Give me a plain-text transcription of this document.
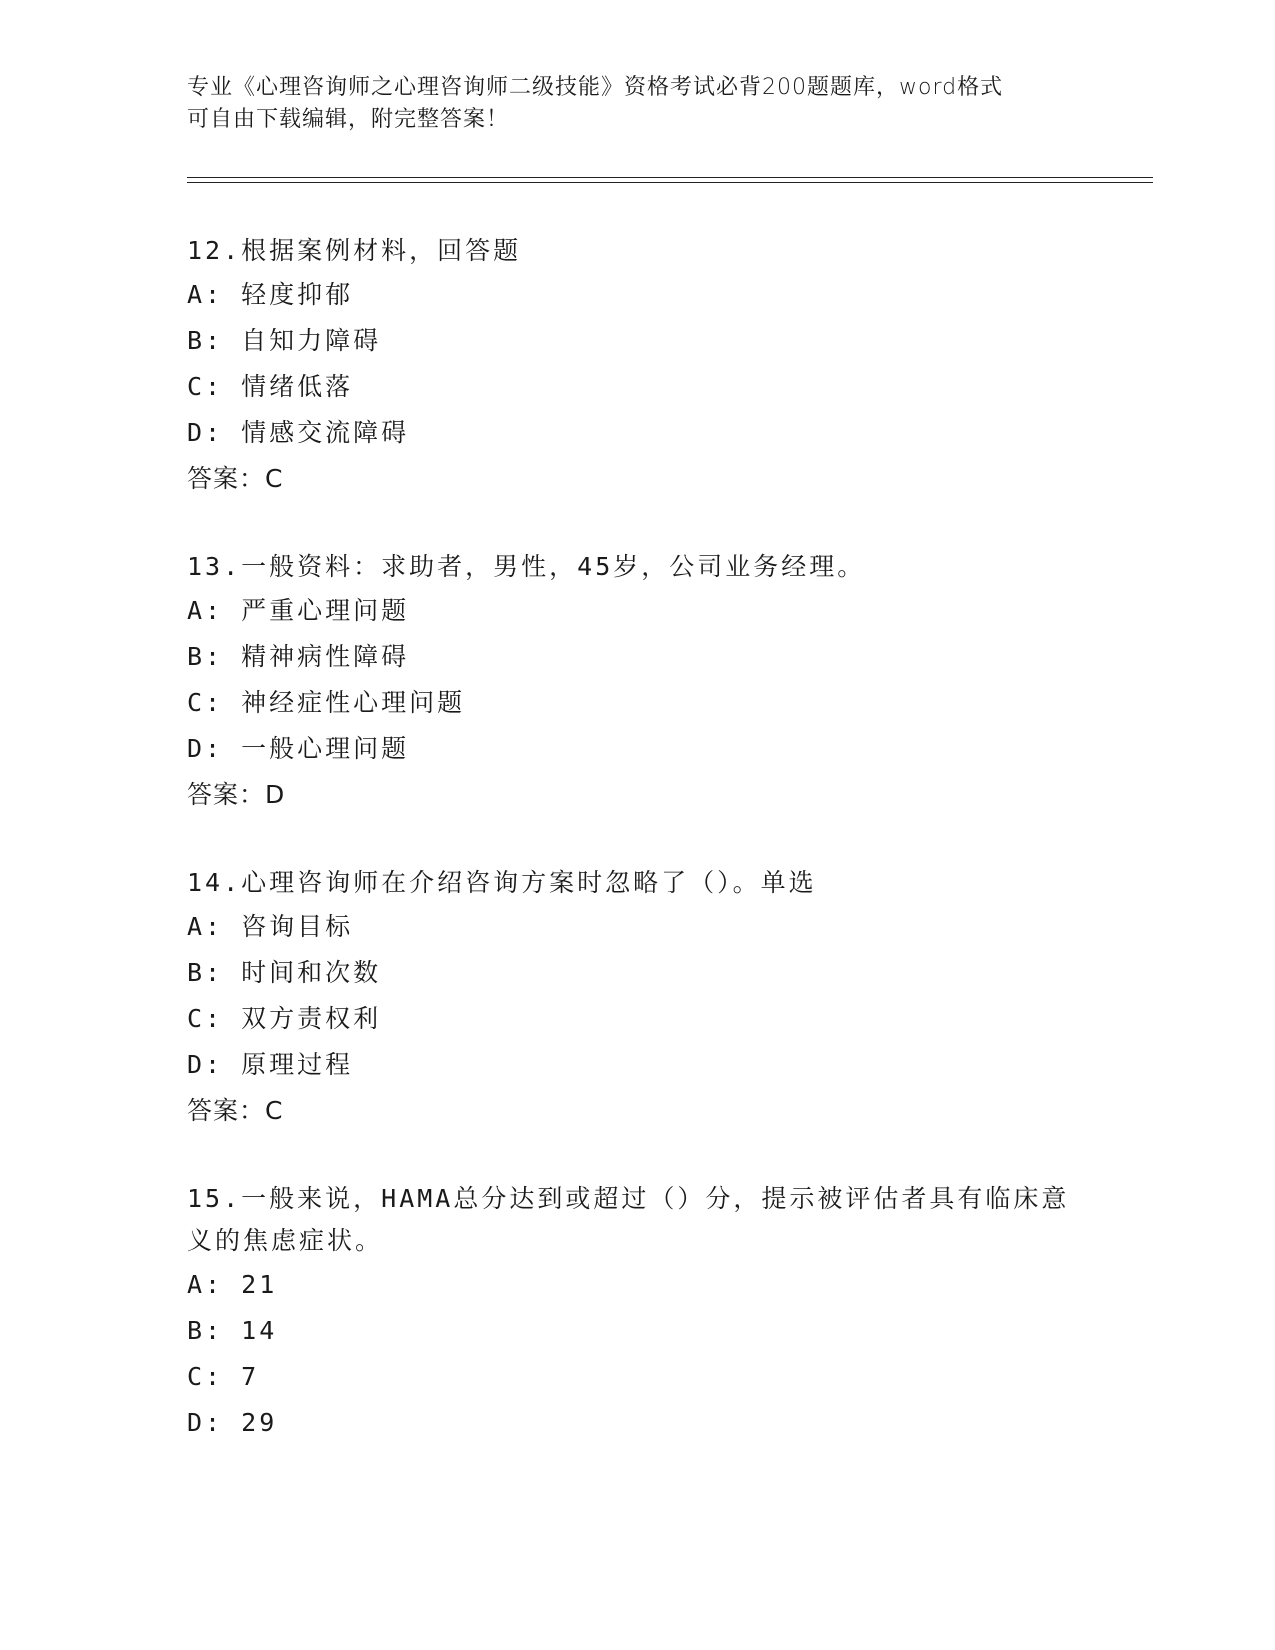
专业《心理咨询师之心理咨询师二级技能》资格考试必背200题题库，word格式
可自由下载编辑，附完整答案！
12.根据案例材料，回答题
A: 轻度抑郁
B: 自知力障碍
C: 情绪低落
D: 情感交流障碍
答案：C
13.一般资料：求助者，男性，45岁，公司业务经理。
A: 严重心理问题
B: 精神病性障碍
C: 神经症性心理问题
D: 一般心理问题
答案：D
14.心理咨询师在介绍咨询方案时忽略了（）。单选
A: 咨询目标
B: 时间和次数
C: 双方责权利
D: 原理过程
答案：C
15.一般来说，HAMA总分达到或超过（）分，提示被评估者具有临床意
义的焦虑症状。
A: 21
B: 14
C: 7
D: 29
